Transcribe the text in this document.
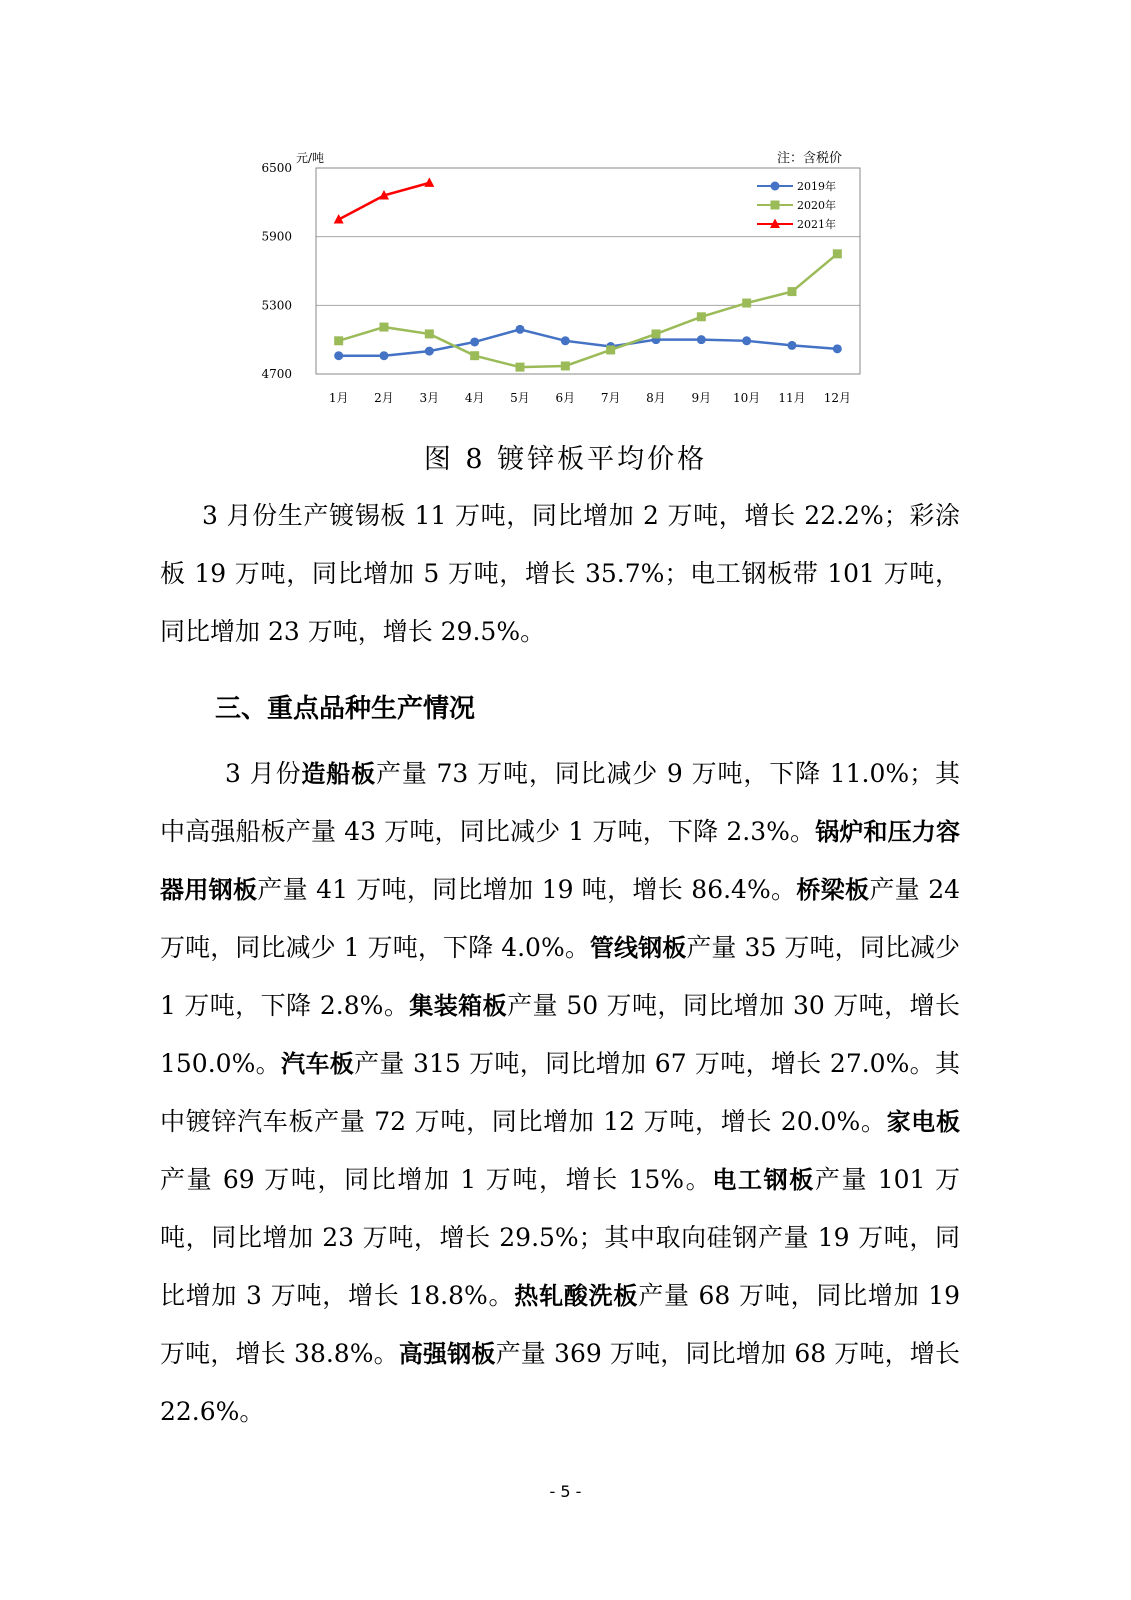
6500
5900
5300
4700
元/吨	注：含税价
1月 2月 3月 4月 5月 6月 7月 8月 9月 10月 11月 12月
2019年
2020年
2021年
图 8 镀锌板平均价格
3 月份生产镀锡板 11 万吨，同比增加 2 万吨，增长 22.2%；彩涂板 19 万吨，同比增加 5 万吨，增长 35.7%；电工钢板带 101 万吨，同比增加 23 万吨，增长 29.5%。
三、重点品种生产情况
3 月份造船板产量 73 万吨，同比减少 9 万吨，下降 11.0%；其中高强船板产量 43 万吨，同比减少 1 万吨，下降 2.3%。锅炉和压力容器用钢板产量 41 万吨，同比增加 19 吨，增长 86.4%。桥梁板产量 24 万吨，同比减少 1 万吨，下降 4.0%。管线钢板产量 35 万吨，同比减少 1 万吨，下降 2.8%。集装箱板产量 50 万吨，同比增加 30 万吨，增长 150.0%。汽车板产量 315 万吨，同比增加 67 万吨，增长 27.0%。其中镀锌汽车板产量 72 万吨，同比增加 12 万吨，增长 20.0%。家电板产量 69 万吨，同比增加 1 万吨，增长 15%。电工钢板产量 101 万吨，同比增加 23 万吨，增长 29.5%；其中取向硅钢产量 19 万吨，同比增加 3 万吨，增长 18.8%。热轧酸洗板产量 68 万吨，同比增加 19 万吨，增长 38.8%。高强钢板产量 369 万吨，同比增加 68 万吨，增长 22.6%。
- 5 -
